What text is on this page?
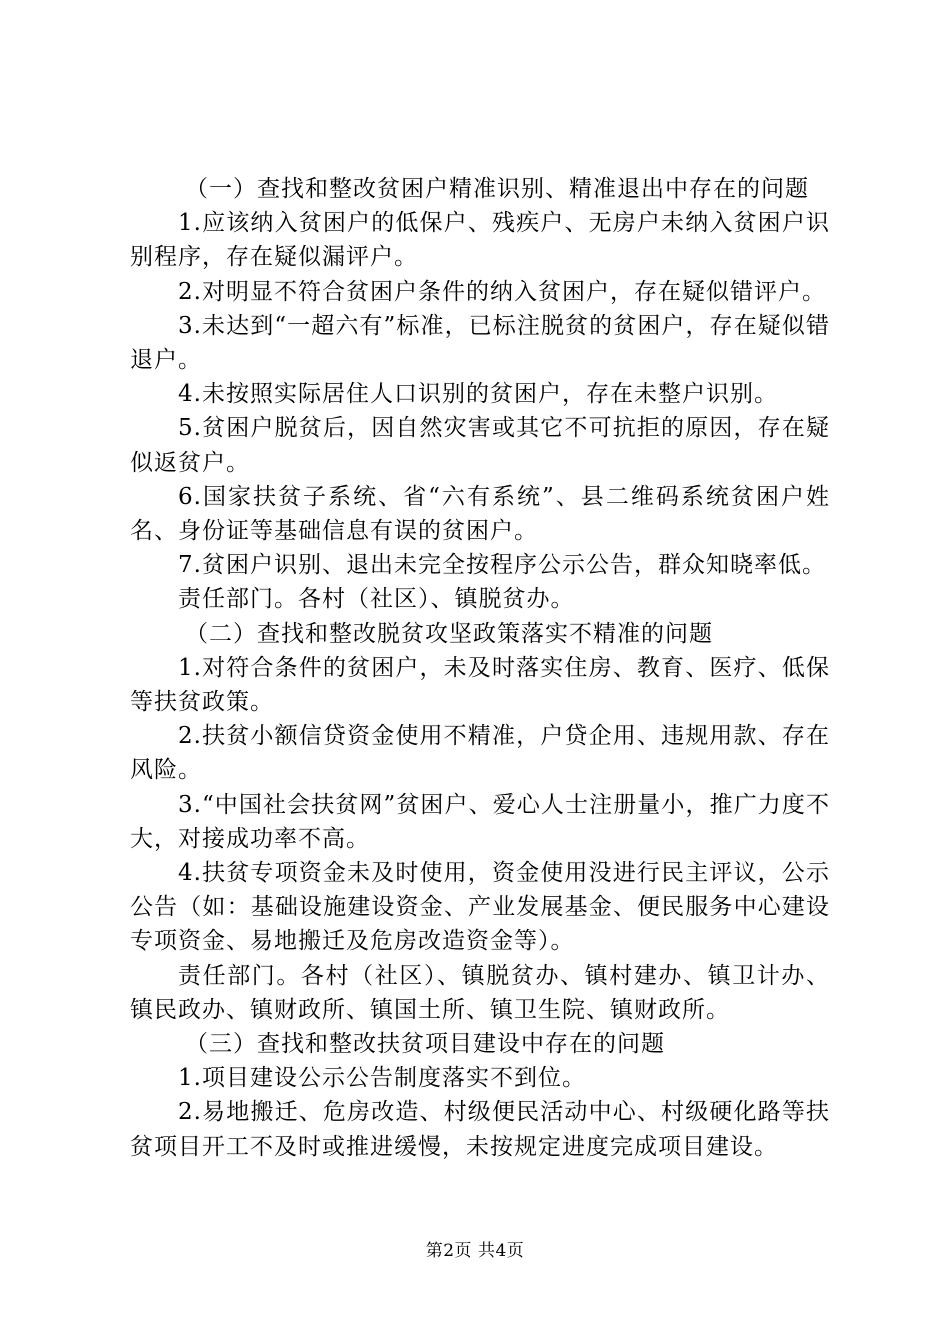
（一）查找和整改贫困户精准识别、精准退出中存在的问题

1.应该纳入贫困户的低保户、残疾户、无房户未纳入贫困户识别程序，存在疑似漏评户。

2.对明显不符合贫困户条件的纳入贫困户，存在疑似错评户。

3.未达到“一超六有”标准，已标注脱贫的贫困户，存在疑似错退户。

4.未按照实际居住人口识别的贫困户，存在未整户识别。

5.贫困户脱贫后，因自然灾害或其它不可抗拒的原因，存在疑似返贫户。

6.国家扶贫子系统、省“六有系统”、县二维码系统贫困户姓名、身份证等基础信息有误的贫困户。

7.贫困户识别、退出未完全按程序公示公告，群众知晓率低。

责任部门。各村（社区）、镇脱贫办。

（二）查找和整改脱贫攻坚政策落实不精准的问题

1.对符合条件的贫困户，未及时落实住房、教育、医疗、低保等扶贫政策。

2.扶贫小额信贷资金使用不精准，户贷企用、违规用款、存在风险。

3.“中国社会扶贫网”贫困户、爱心人士注册量小，推广力度不大，对接成功率不高。

4.扶贫专项资金未及时使用，资金使用没进行民主评议，公示公告（如：基础设施建设资金、产业发展基金、便民服务中心建设专项资金、易地搬迁及危房改造资金等）。

责任部门。各村（社区）、镇脱贫办、镇村建办、镇卫计办、镇民政办、镇财政所、镇国土所、镇卫生院、镇财政所。

（三）查找和整改扶贫项目建设中存在的问题

1.项目建设公示公告制度落实不到位。

2.易地搬迁、危房改造、村级便民活动中心、村级硬化路等扶贫项目开工不及时或推进缓慢，未按规定进度完成项目建设。

第2页 共4页
